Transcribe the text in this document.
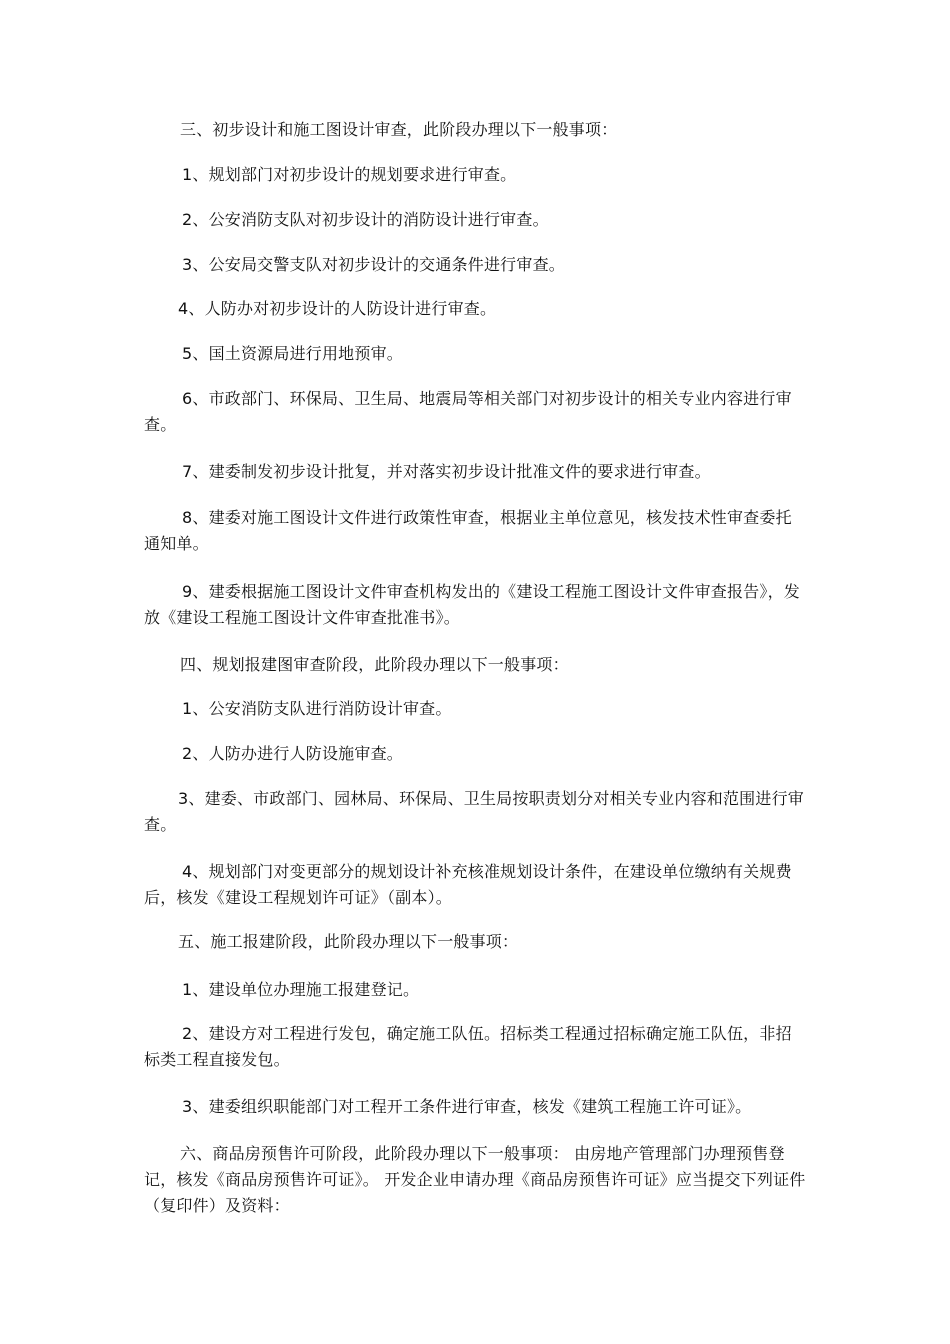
三、初步设计和施工图设计审查，此阶段办理以下一般事项：

1、规划部门对初步设计的规划要求进行审查。

2、公安消防支队对初步设计的消防设计进行审查。

3、公安局交警支队对初步设计的交通条件进行审查。

4、人防办对初步设计的人防设计进行审查。

5、国土资源局进行用地预审。

6、市政部门、环保局、卫生局、地震局等相关部门对初步设计的相关专业内容进行审查。

7、建委制发初步设计批复，并对落实初步设计批准文件的要求进行审查。

8、建委对施工图设计文件进行政策性审查，根据业主单位意见，核发技术性审查委托通知单。

9、建委根据施工图设计文件审查机构发出的《建设工程施工图设计文件审查报告》，发放《建设工程施工图设计文件审查批准书》。

四、规划报建图审查阶段，此阶段办理以下一般事项：

1、公安消防支队进行消防设计审查。

2、人防办进行人防设施审查。

3、建委、市政部门、园林局、环保局、卫生局按职责划分对相关专业内容和范围进行审查。

4、规划部门对变更部分的规划设计补充核准规划设计条件，在建设单位缴纳有关规费后，核发《建设工程规划许可证》（副本）。

五、施工报建阶段，此阶段办理以下一般事项：

1、建设单位办理施工报建登记。

2、建设方对工程进行发包，确定施工队伍。招标类工程通过招标确定施工队伍，非招标类工程直接发包。

3、建委组织职能部门对工程开工条件进行审查，核发《建筑工程施工许可证》。

六、商品房预售许可阶段，此阶段办理以下一般事项： 由房地产管理部门办理预售登记，核发《商品房预售许可证》。 开发企业申请办理《商品房预售许可证》应当提交下列证件（复印件）及资料：
